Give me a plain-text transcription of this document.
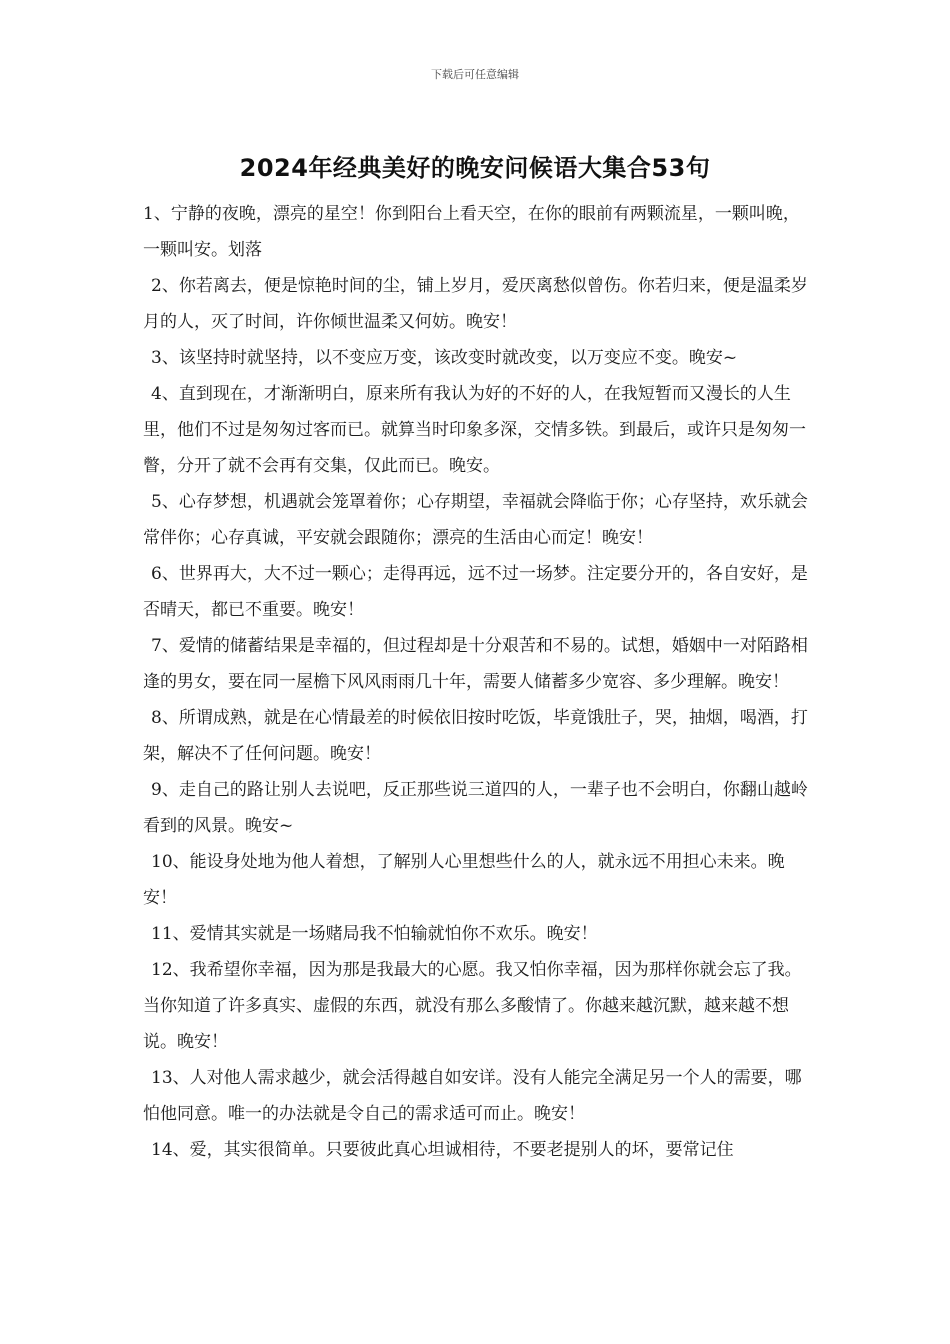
下载后可任意编辑
2024年经典美好的晚安问候语大集合53句

1、宁静的夜晚，漂亮的星空！你到阳台上看天空，在你的眼前有两颗流星，一颗叫晚，一颗叫安。划落

2、你若离去，便是惊艳时间的尘，铺上岁月，爱厌离愁似曾伤。你若归来，便是温柔岁月的人，灭了时间，许你倾世温柔又何妨。晚安！

3、该坚持时就坚持，以不变应万变，该改变时就改变，以万变应不变。晚安~

4、直到现在，才渐渐明白，原来所有我认为好的不好的人，在我短暂而又漫长的人生里，他们不过是匆匆过客而已。就算当时印象多深，交情多铁。到最后，或许只是匆匆一瞥，分开了就不会再有交集，仅此而已。晚安。

5、心存梦想，机遇就会笼罩着你；心存期望，幸福就会降临于你；心存坚持，欢乐就会常伴你；心存真诚，平安就会跟随你；漂亮的生活由心而定！晚安！

6、世界再大，大不过一颗心；走得再远，远不过一场梦。注定要分开的，各自安好，是否晴天，都已不重要。晚安！

7、爱情的储蓄结果是幸福的，但过程却是十分艰苦和不易的。试想，婚姻中一对陌路相逢的男女，要在同一屋檐下风风雨雨几十年，需要人储蓄多少宽容、多少理解。晚安！

8、所谓成熟，就是在心情最差的时候依旧按时吃饭，毕竟饿肚子，哭，抽烟，喝酒，打架，解决不了任何问题。晚安！

9、走自己的路让别人去说吧，反正那些说三道四的人，一辈子也不会明白，你翻山越岭看到的风景。晚安~

10、能设身处地为他人着想，了解别人心里想些什么的人，就永远不用担心未来。晚安！

11、爱情其实就是一场赌局我不怕输就怕你不欢乐。晚安！

12、我希望你幸福，因为那是我最大的心愿。我又怕你幸福，因为那样你就会忘了我。当你知道了许多真实、虚假的东西，就没有那么多酸情了。你越来越沉默，越来越不想说。晚安！

13、人对他人需求越少，就会活得越自如安详。没有人能完全满足另一个人的需要，哪怕他同意。唯一的办法就是令自己的需求适可而止。晚安！

14、爱，其实很简单。只要彼此真心坦诚相待，不要老提别人的坏，要常记住
